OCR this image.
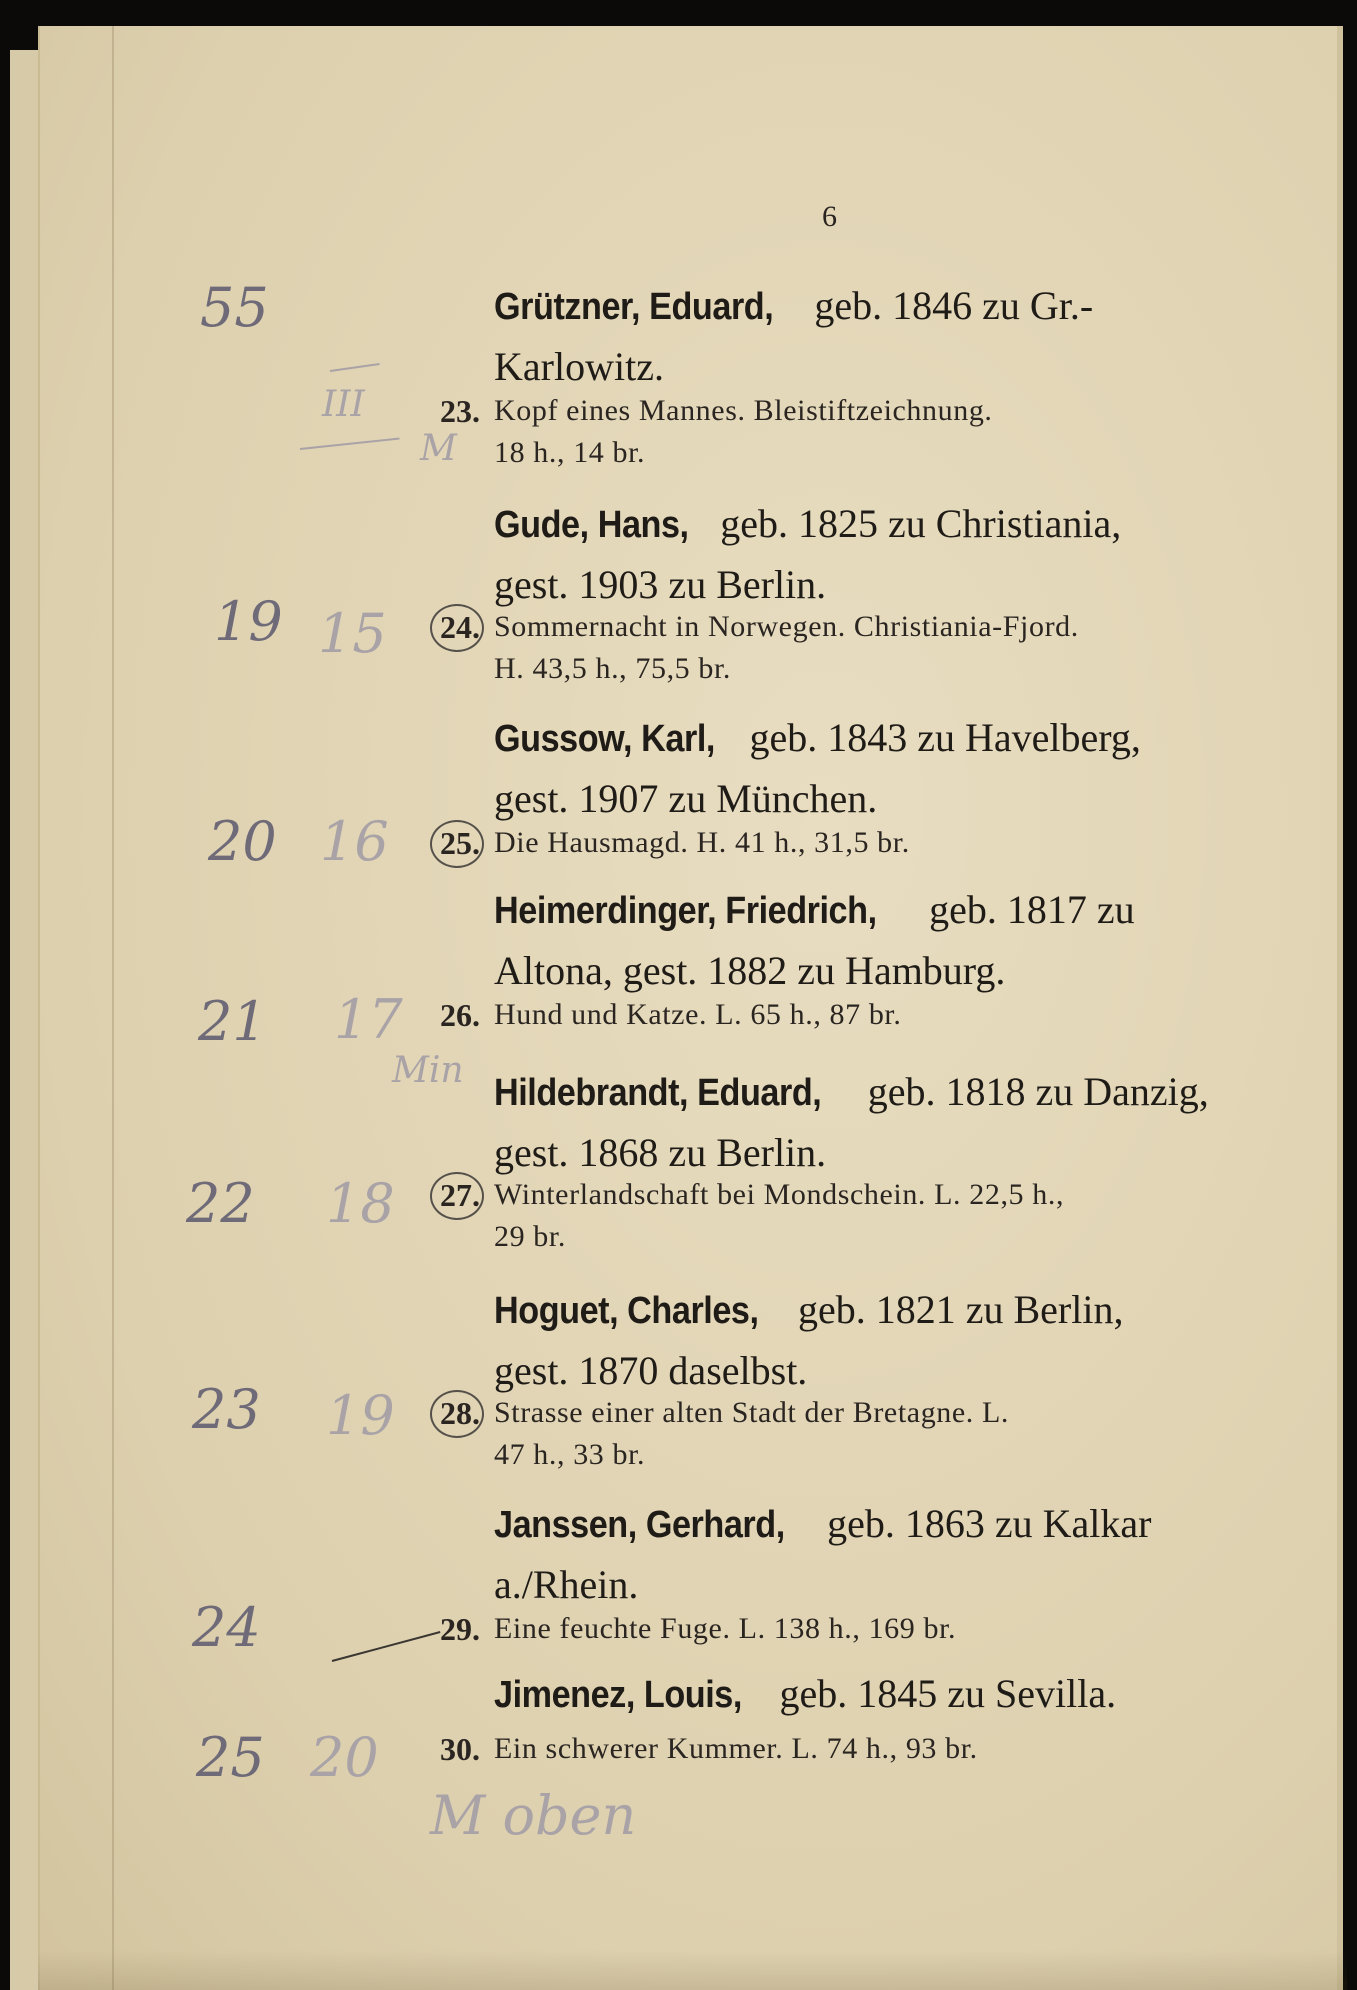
6
Grützner, Eduard, geb. 1846 zu Gr.-
Karlowitz.
23. Kopf eines Mannes. Bleistiftzeichnung.
18 h., 14 br.
Gude, Hans, geb. 1825 zu Christiania,
gest. 1903 zu Berlin.
24. Sommernacht in Norwegen. Christiania-Fjord.
H. 43,5 h., 75,5 br.
Gussow, Karl, geb. 1843 zu Havelberg,
gest. 1907 zu München.
25. Die Hausmagd. H. 41 h., 31,5 br.
Heimerdinger, Friedrich, geb. 1817 zu
Altona, gest. 1882 zu Hamburg.
26. Hund und Katze. L. 65 h., 87 br.
Hildebrandt, Eduard, geb. 1818 zu Danzig,
gest. 1868 zu Berlin.
27. Winterlandschaft bei Mondschein. L. 22,5 h.,
29 br.
Hoguet, Charles, geb. 1821 zu Berlin,
gest. 1870 daselbst.
28. Strasse einer alten Stadt der Bretagne. L.
47 h., 33 br.
Janssen, Gerhard, geb. 1863 zu Kalkar
a./Rhein.
29. Eine feuchte Fuge. L. 138 h., 169 br.
Jimenez, Louis, geb. 1845 zu Sevilla.
30. Ein schwerer Kummer. L. 74 h., 93 br.
55
III
M
19 15
20 16
21 17
Min
22 18
23 19
24
25 20
M oben
